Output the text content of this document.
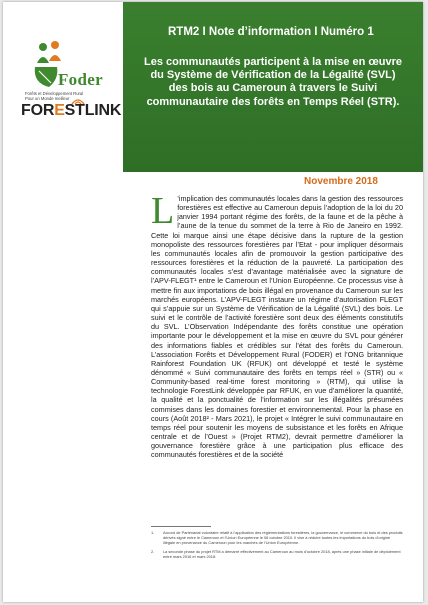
Foder
Forêts et Développement Rural
Pour un Monde meilleur
FORESTLINK
RTM2 I Note d’information I Numéro 1
Les communautés participent à la mise en œuvre du Système de Vérification de la Légalité (SVL) des bois au Cameroun à travers le Suivi communautaire des forêts en Temps Réel (STR).
Novembre 2018
L ’implication des communautés locales dans la gestion des ressources forestières est effective au Cameroun depuis l’adoption de la loi du 20 janvier 1994 portant régime des forêts, de la faune et de la pêche à l’aune de la tenue du sommet de la terre à Rio de Janeiro en 1992. Cette loi marque ainsi une étape décisive dans la rupture de la gestion monopoliste des ressources forestières par l’Etat - pour impliquer désormais les communautés locales afin de promouvoir la gestion participative des ressources forestières et la réduction de la pauvreté. La participation des communautés locales s’est d’avantage matérialisée avec la signature de l’APV-FLEGT¹ entre le Cameroun et l’Union Européenne. Ce processus vise à mettre fin aux importations de bois illégal en provenance du Cameroun sur les marchés européens. L’APV-FLEGT instaure un régime d’autorisation FLEGT qui s’appuie sur un Système de Vérification de la Légalité (SVL) des bois. Le suivi et le contrôle de l’activité forestière sont deux des éléments constitutifs du SVL. L’Observation Indépendante des forêts constitue une opération importante pour le développement et la mise en œuvre du SVL pour générer des informations fiables et crédibles sur l’état des forêts du Cameroun. L’association Forêts et Développement Rural (FODER) et l’ONG britannique Rainforest Foundation UK (RFUK) ont développé et testé le système dénommé « Suivi communautaire des forêts en temps réel » (STR) ou « Community-based real-time forest monitoring » (RTM), qui utilise la technologie ForestLink développée par RFUK, en vue d’améliorer la quantité, la qualité et la ponctualité de l’information sur les illégalités présumées commises dans les domaines forestier et environnemental. Pour la phase en cours (Août 2018² - Mars 2021), le projet « Intégrer le suivi communautaire en temps réel pour soutenir les moyens de subsistance et les forêts en Afrique centrale et de l’Ouest » (Projet RTM2), devrait permettre d’améliorer la gouvernance forestière grâce à une participation plus efficace des communautés forestières et de la société
1.	Accord de Partenariat volontaire relatif à l’application des réglementations forestières, la gouvernance, le commerce du bois et des produits dérivés signé entre le Cameroun et l’Union Européenne le 06 octobre 2010. Il vise à réduire toutes les importations du bois d’origine illégale en provenance du Cameroun pour les marchés de l’Union Européenne.
2.	La seconde phase du projet RTM a démarré effectivement au Cameroun au mois d’octobre 2018, après une phase initiale de déploiement entre mars 2016 et mars 2018.
